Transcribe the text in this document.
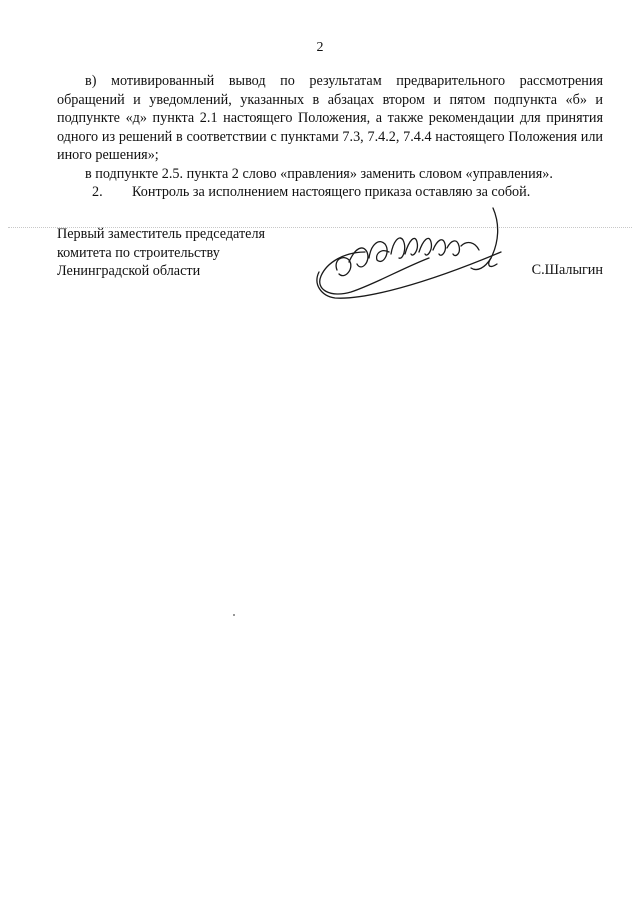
2

в) мотивированный вывод по результатам предварительного рассмотрения обращений и уведомлений, указанных в абзацах втором и пятом подпункта «б» и подпункте «д» пункта 2.1 настоящего Положения, а также рекомендации для принятия одного из решений в соответствии с пунктами 7.3, 7.4.2, 7.4.4 настоящего Положения или иного решения»;

в подпункте 2.5. пункта 2 слово «правления» заменить словом «управления».

2. Контроль за исполнением настоящего приказа оставляю за собой.

Первый заместитель председателя
комитета по строительству
Ленинградской области	С.Шалыгин
